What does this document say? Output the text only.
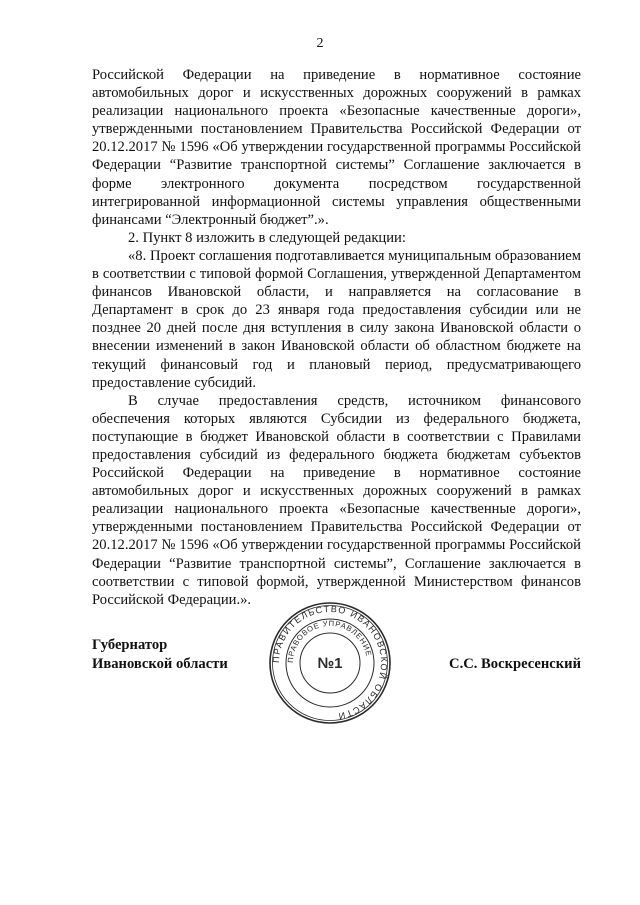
2

Российской Федерации на приведение в нормативное состояние автомобильных дорог и искусственных дорожных сооружений в рамках реализации национального проекта «Безопасные качественные дороги», утвержденными постановлением Правительства Российской Федерации от 20.12.2017 № 1596 «Об утверждении государственной программы Российской Федерации “Развитие транспортной системы” Соглашение заключается в форме электронного документа посредством государственной интегрированной информационной системы управления общественными финансами “Электронный бюджет”.».

2. Пункт 8 изложить в следующей редакции:

«8. Проект соглашения подготавливается муниципальным образованием в соответствии с типовой формой Соглашения, утвержденной Департаментом финансов Ивановской области, и направляется на согласование в Департамент в срок до 23 января года предоставления субсидии или не позднее 20 дней после дня вступления в силу закона Ивановской области о внесении изменений в закон Ивановской области об областном бюджете на текущий финансовый год и плановый период, предусматривающего предоставление субсидий.

В случае предоставления средств, источником финансового обеспечения которых являются Субсидии из федерального бюджета, поступающие в бюджет Ивановской области в соответствии с Правилами предоставления субсидий из федерального бюджета бюджетам субъектов Российской Федерации на приведение в нормативное состояние автомобильных дорог и искусственных дорожных сооружений в рамках реализации национального проекта «Безопасные качественные дороги», утвержденными постановлением Правительства Российской Федерации от 20.12.2017 № 1596 «Об утверждении государственной программы Российской Федерации “Развитие транспортной системы”, Соглашение заключается в соответствии с типовой формой, утвержденной Министерством финансов Российской Федерации.».

Губернатор
Ивановской области	ПРАВИТЕЛЬСТВО ИВАНОВСКОЙ ОБЛАСТИ
ПРАВОВОЕ УПРАВЛЕНИЕ
№1	С.С. Воскресенский
